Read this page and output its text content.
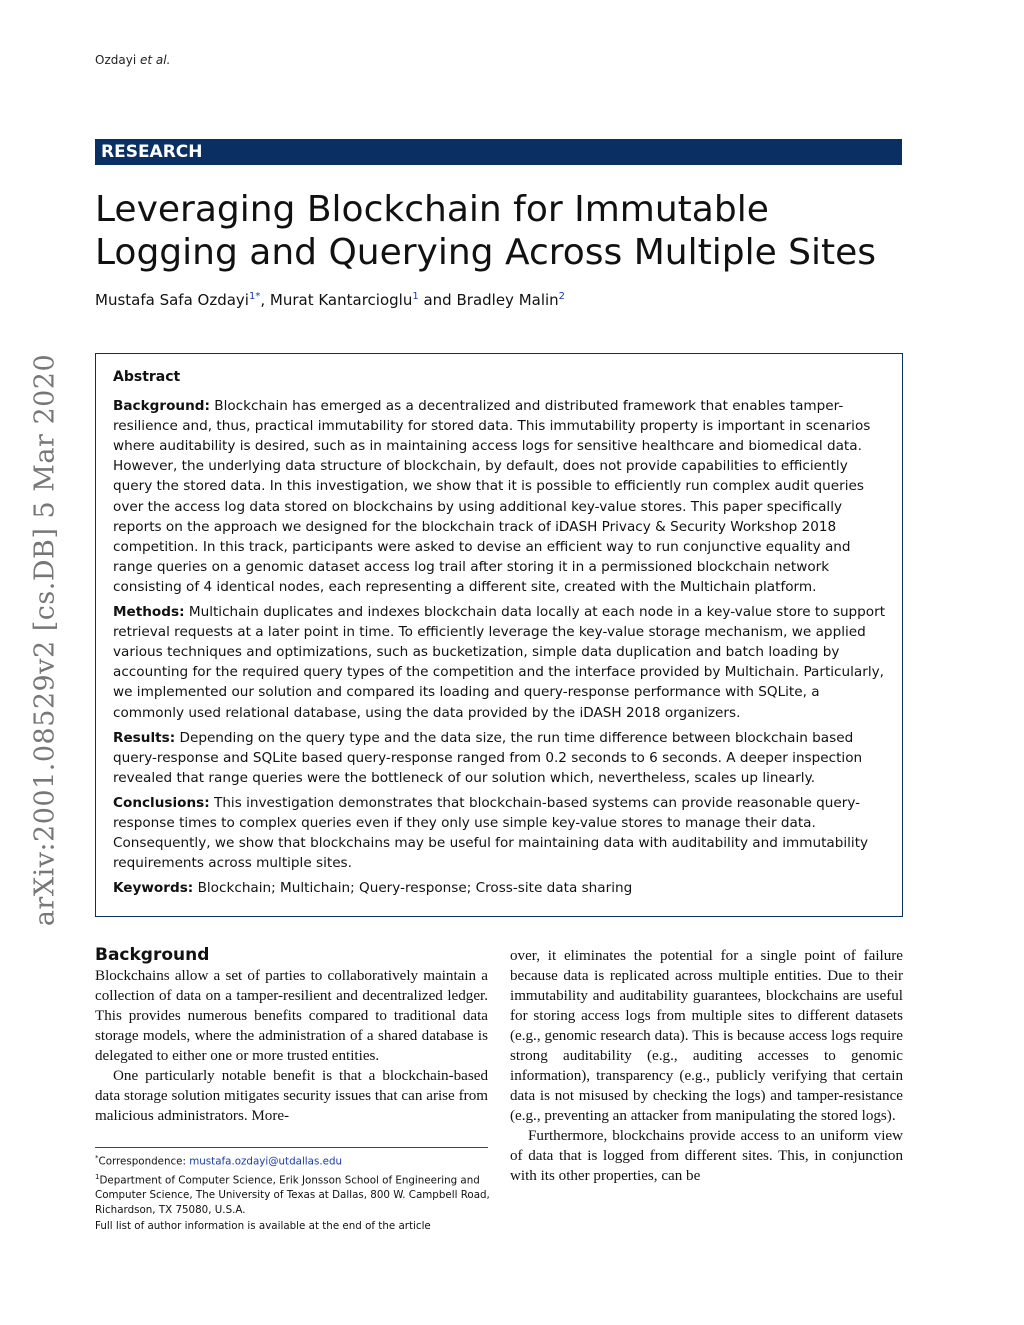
Ozdayi et al.
arXiv:2001.08529v2 [cs.DB] 5 Mar 2020
RESEARCH
Leveraging Blockchain for Immutable Logging and Querying Across Multiple Sites
Mustafa Safa Ozdayi$^{1*}$, Murat Kantarcioglu$^1$ and Bradley Malin$^2$
Abstract

Background: Blockchain has emerged as a decentralized and distributed framework that enables tamper-resilience and, thus, practical immutability for stored data. This immutability property is important in scenarios where auditability is desired, such as in maintaining access logs for sensitive healthcare and biomedical data. However, the underlying data structure of blockchain, by default, does not provide capabilities to efficiently query the stored data. In this investigation, we show that it is possible to efficiently run complex audit queries over the access log data stored on blockchains by using additional key-value stores. This paper specifically reports on the approach we designed for the blockchain track of iDASH Privacy & Security Workshop 2018 competition. In this track, participants were asked to devise an efficient way to run conjunctive equality and range queries on a genomic dataset access log trail after storing it in a permissioned blockchain network consisting of 4 identical nodes, each representing a different site, created with the Multichain platform.

Methods: Multichain duplicates and indexes blockchain data locally at each node in a key-value store to support retrieval requests at a later point in time. To efficiently leverage the key-value storage mechanism, we applied various techniques and optimizations, such as bucketization, simple data duplication and batch loading by accounting for the required query types of the competition and the interface provided by Multichain. Particularly, we implemented our solution and compared its loading and query-response performance with SQLite, a commonly used relational database, using the data provided by the iDASH 2018 organizers.

Results: Depending on the query type and the data size, the run time difference between blockchain based query-response and SQLite based query-response ranged from 0.2 seconds to 6 seconds. A deeper inspection revealed that range queries were the bottleneck of our solution which, nevertheless, scales up linearly.

Conclusions: This investigation demonstrates that blockchain-based systems can provide reasonable query-response times to complex queries even if they only use simple key-value stores to manage their data. Consequently, we show that blockchains may be useful for maintaining data with auditability and immutability requirements across multiple sites.

Keywords: Blockchain; Multichain; Query-response; Cross-site data sharing

Background

Blockchains allow a set of parties to collaboratively maintain a collection of data on a tamper-resilient and decentralized ledger. This provides numerous benefits compared to traditional data storage models, where the administration of a shared database is delegated to either one or more trusted entities.

One particularly notable benefit is that a blockchain-based data storage solution mitigates security issues that can arise from malicious administrators. More-

over, it eliminates the potential for a single point of failure because data is replicated across multiple entities. Due to their immutability and auditability guarantees, blockchains are useful for storing access logs from multiple sites to different datasets (e.g., genomic research data). This is because access logs require strong auditability (e.g., auditing accesses to genomic information), transparency (e.g., publicly verifying that certain data is not misused by checking the logs) and tamper-resistance (e.g., preventing an attacker from manipulating the stored logs).

Furthermore, blockchains provide access to an uniform view of data that is logged from different sites. This, in conjunction with its other properties, can be

*Correspondence: mustafa.ozdayi@utdallas.edu
$^1$Department of Computer Science, Erik Jonsson School of Engineering and Computer Science, The University of Texas at Dallas, 800 W. Campbell Road, Richardson, TX 75080, U.S.A.
Full list of author information is available at the end of the article
